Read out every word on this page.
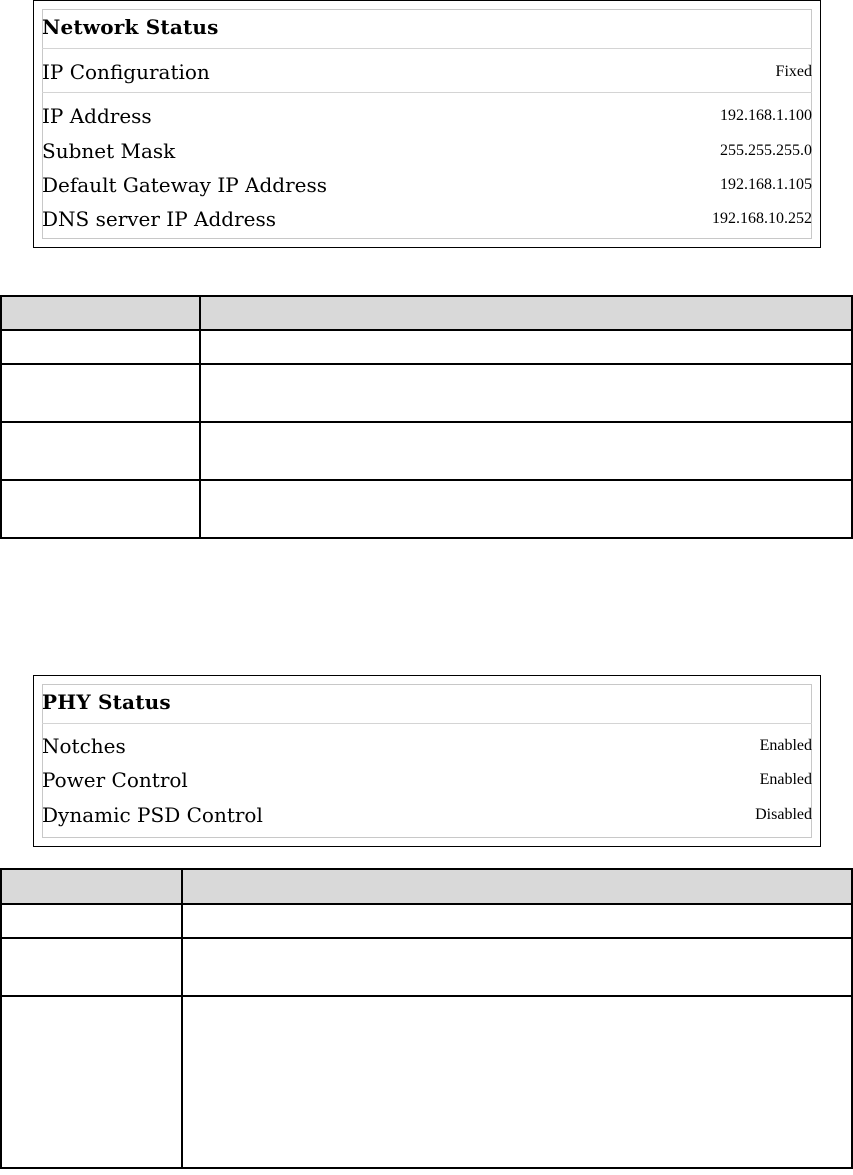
Network Status
IP Configuration	Fixed
IP Address	192.168.1.100
Subnet Mask	255.255.255.0
Default Gateway IP Address	192.168.1.105
DNS server IP Address	192.168.10.252

PHY Status
Notches	Enabled
Power Control	Enabled
Dynamic PSD Control	Disabled
